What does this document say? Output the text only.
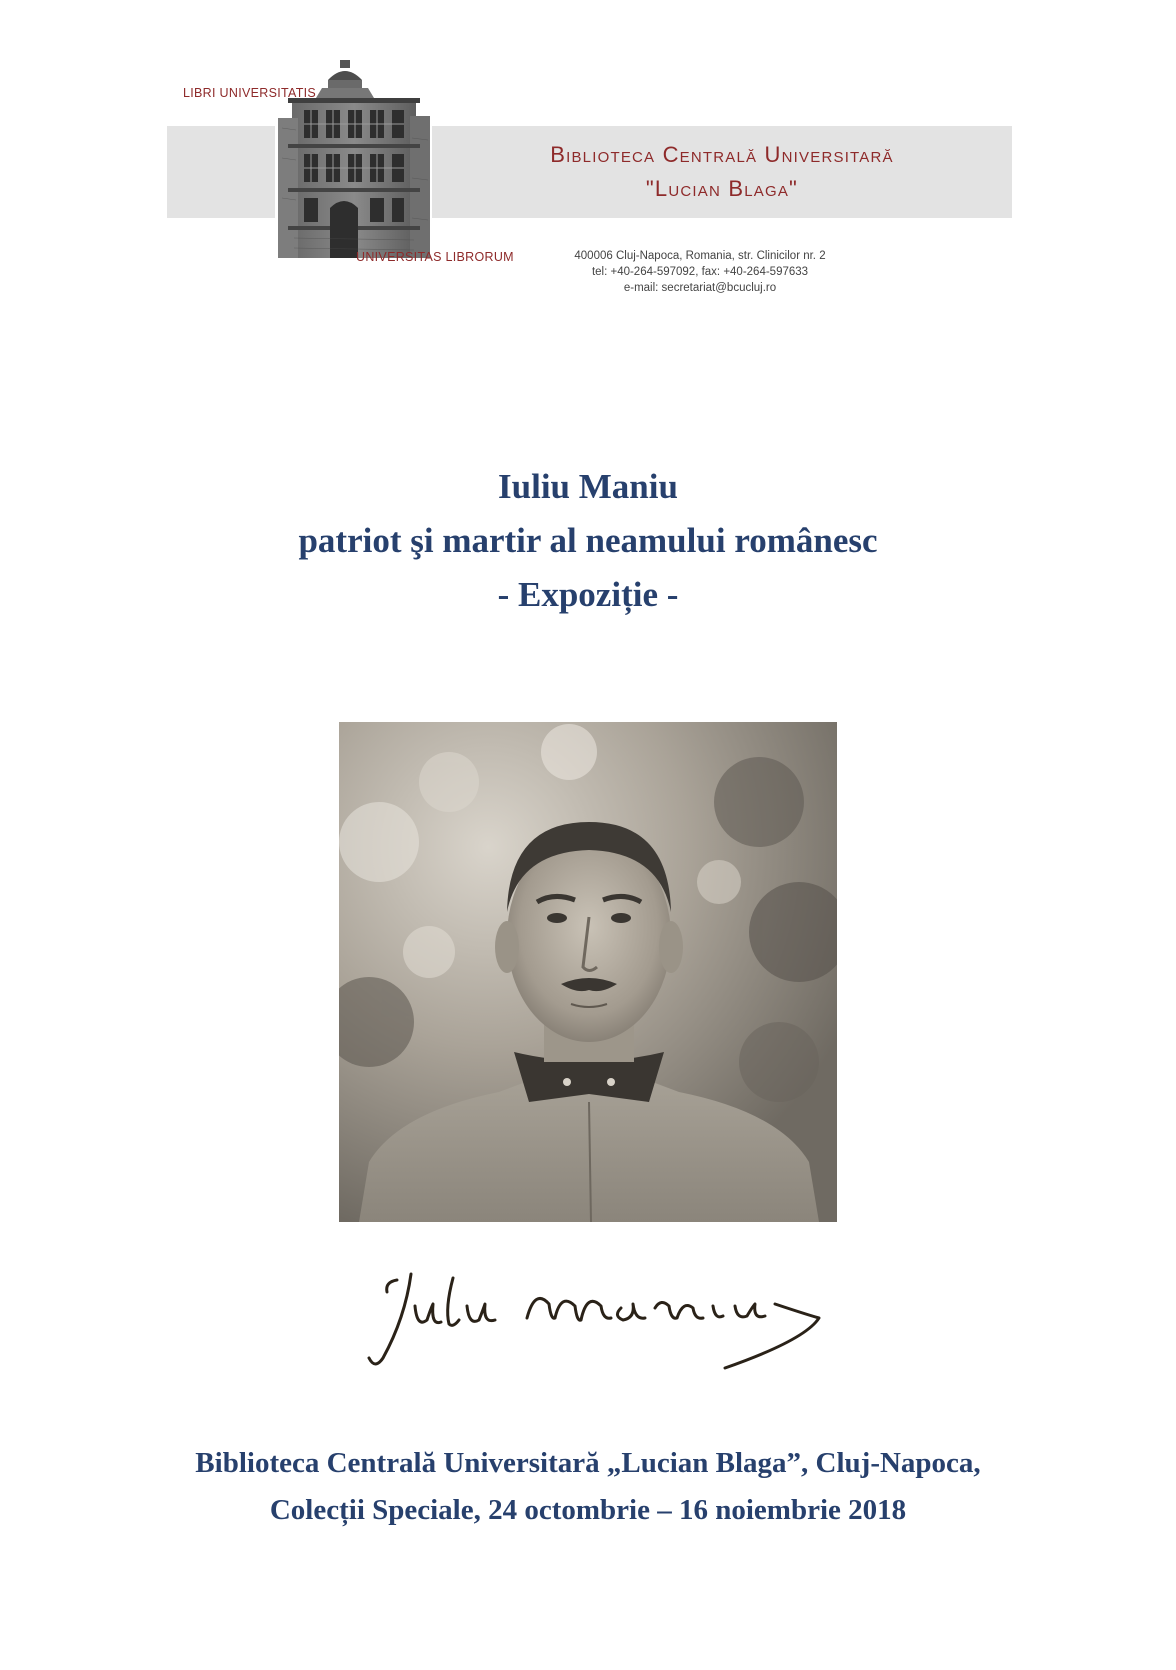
LIBRI UNIVERSITATIS
UNIVERSITAS LIBRORUM
Biblioteca Centrală Universitară
"Lucian Blaga"
400006 Cluj-Napoca, Romania, str. Clinicilor nr. 2
tel: +40-264-597092, fax: +40-264-597633
e-mail: secretariat@bcucluj.ro
Iuliu Maniu
patriot şi martir al neamului românesc
- Expoziție -
Biblioteca Centrală Universitară „Lucian Blaga”, Cluj-Napoca,
Colecții Speciale, 24 octombrie – 16 noiembrie 2018
